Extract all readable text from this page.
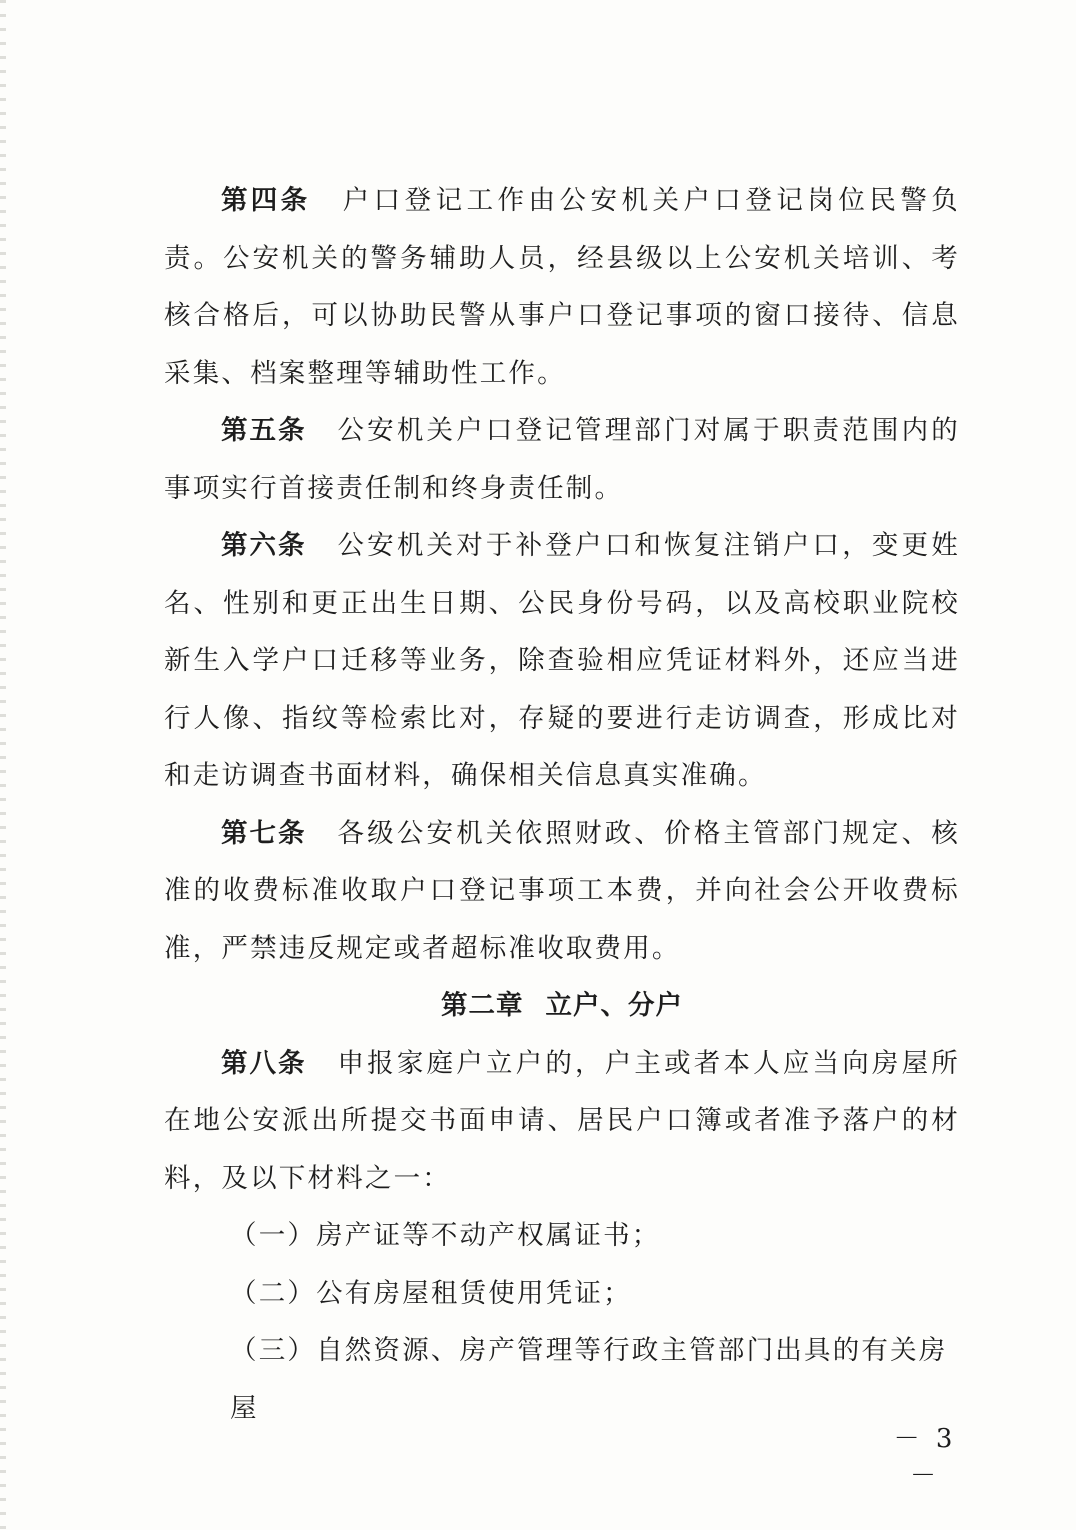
第四条 户口登记工作由公安机关户口登记岗位民警负责。公安机关的警务辅助人员，经县级以上公安机关培训、考核合格后，可以协助民警从事户口登记事项的窗口接待、信息采集、档案整理等辅助性工作。

第五条 公安机关户口登记管理部门对属于职责范围内的事项实行首接责任制和终身责任制。

第六条 公安机关对于补登户口和恢复注销户口，变更姓名、性别和更正出生日期、公民身份号码，以及高校职业院校新生入学户口迁移等业务，除查验相应凭证材料外，还应当进行人像、指纹等检索比对，存疑的要进行走访调查，形成比对和走访调查书面材料，确保相关信息真实准确。

第七条 各级公安机关依照财政、价格主管部门规定、核准的收费标准收取户口登记事项工本费，并向社会公开收费标准，严禁违反规定或者超标准收取费用。

第二章 立户、分户

第八条 申报家庭户立户的，户主或者本人应当向房屋所在地公安派出所提交书面申请、居民户口簿或者准予落户的材料，及以下材料之一：

（一）房产证等不动产权属证书；

（二）公有房屋租赁使用凭证；

（三）自然资源、房产管理等行政主管部门出具的有关房屋

－ 3 －
